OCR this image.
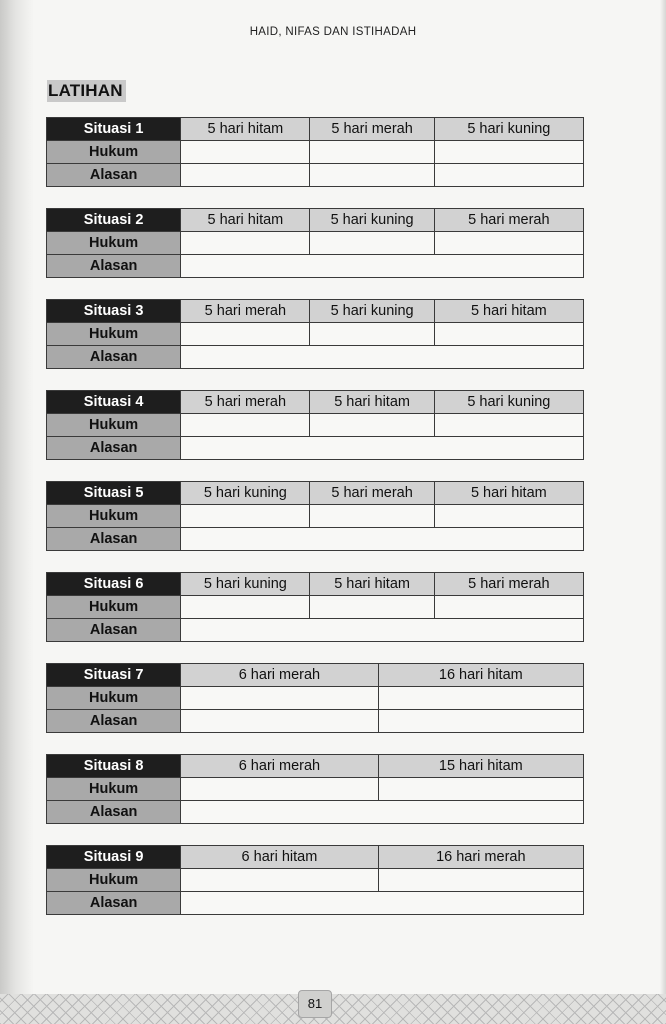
HAID, NIFAS DAN ISTIHADAH
LATIHAN
Situasi 1	5 hari hitam	5 hari merah	5 hari kuning
Hukum			
Alasan			
Situasi 2	5 hari hitam	5 hari kuning	5 hari merah
Hukum			
Alasan			
Situasi 3	5 hari merah	5 hari kuning	5 hari hitam
Hukum			
Alasan			
Situasi 4	5 hari merah	5 hari hitam	5 hari kuning
Hukum			
Alasan			
Situasi 5	5 hari kuning	5 hari merah	5 hari hitam
Hukum			
Alasan			
Situasi 6	5 hari kuning	5 hari hitam	5 hari merah
Hukum			
Alasan			
Situasi 7	6 hari merah	16 hari hitam
Hukum		
Alasan		
Situasi 8	6 hari merah	15 hari hitam
Hukum		
Alasan		
Situasi 9	6 hari hitam	16 hari merah
Hukum		
Alasan		
81
